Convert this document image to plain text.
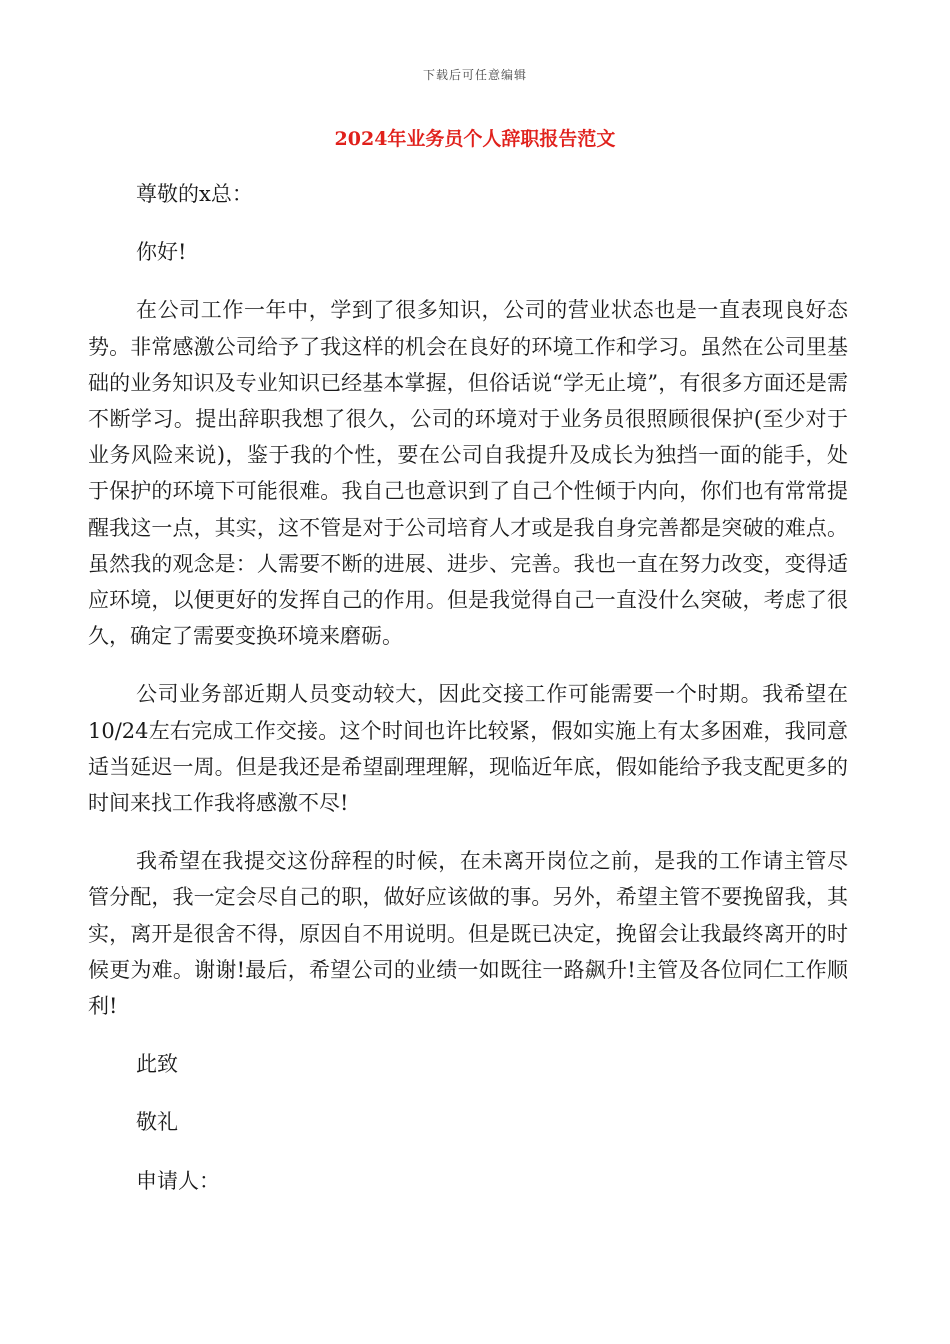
下载后可任意编辑
2024年业务员个人辞职报告范文

尊敬的x总：

你好!

在公司工作一年中，学到了很多知识，公司的营业状态也是一直表现良好态势。非常感激公司给予了我这样的机会在良好的环境工作和学习。虽然在公司里基础的业务知识及专业知识已经基本掌握，但俗话说“学无止境”，有很多方面还是需不断学习。提出辞职我想了很久，公司的环境对于业务员很照顾很保护(至少对于业务风险来说)，鉴于我的个性，要在公司自我提升及成长为独挡一面的能手，处于保护的环境下可能很难。我自己也意识到了自己个性倾于内向，你们也有常常提醒我这一点，其实，这不管是对于公司培育人才或是我自身完善都是突破的难点。虽然我的观念是：人需要不断的进展、进步、完善。我也一直在努力改变，变得适应环境，以便更好的发挥自己的作用。但是我觉得自己一直没什么突破，考虑了很久，确定了需要变换环境来磨砺。

公司业务部近期人员变动较大，因此交接工作可能需要一个时期。我希望在10/24左右完成工作交接。这个时间也许比较紧，假如实施上有太多困难，我同意适当延迟一周。但是我还是希望副理理解，现临近年底，假如能给予我支配更多的时间来找工作我将感激不尽!

我希望在我提交这份辞程的时候，在未离开岗位之前，是我的工作请主管尽管分配，我一定会尽自己的职，做好应该做的事。另外，希望主管不要挽留我，其实，离开是很舍不得，原因自不用说明。但是既已决定，挽留会让我最终离开的时候更为难。谢谢!最后，希望公司的业绩一如既往一路飙升!主管及各位同仁工作顺利!

此致

敬礼

申请人：
